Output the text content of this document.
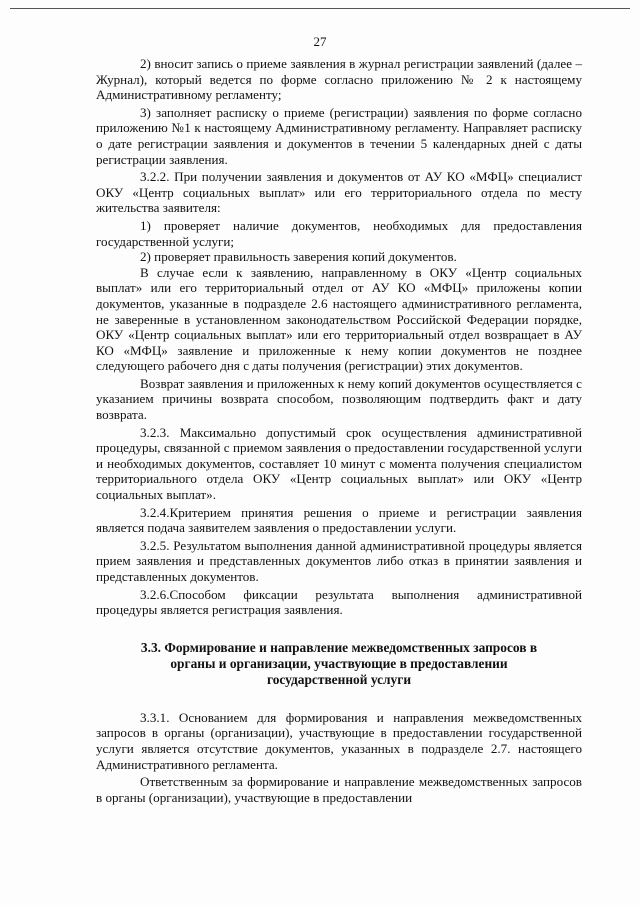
27

2) вносит запись о приеме заявления в журнал регистрации заявлений (далее – Журнал), который ведется по форме согласно приложению № 2 к настоящему Административному регламенту;

3) заполняет расписку о приеме (регистрации) заявления по форме согласно приложению №1 к настоящему Административному регламенту. Направляет расписку о дате регистрации заявления и документов в течении 5 календарных дней с даты регистрации заявления.

3.2.2. При получении заявления и документов от АУ КО «МФЦ» специалист ОКУ «Центр социальных выплат» или его территориального отдела по месту жительства заявителя:

1) проверяет наличие документов, необходимых для предоставления государственной услуги;

2) проверяет правильность заверения копий документов.

В случае если к заявлению, направленному в ОКУ «Центр социальных выплат» или его территориальный отдел от АУ КО «МФЦ» приложены копии документов, указанные в подразделе 2.6 настоящего административного регламента, не заверенные в установленном законодательством Российской Федерации порядке, ОКУ «Центр социальных выплат» или его территориальный отдел возвращает в АУ КО «МФЦ» заявление и приложенные к нему копии документов не позднее следующего рабочего дня с даты получения (регистрации) этих документов.

Возврат заявления и приложенных к нему копий документов осуществляется с указанием причины возврата способом, позволяющим подтвердить факт и дату возврата.

3.2.3. Максимально допустимый срок осуществления административной процедуры, связанной с приемом заявления о предоставлении государственной услуги и необходимых документов, составляет 10 минут с момента получения специалистом территориального отдела ОКУ «Центр социальных выплат» или ОКУ «Центр социальных выплат».

3.2.4.Критерием принятия решения о приеме и регистрации заявления является подача заявителем заявления о предоставлении услуги.

3.2.5. Результатом выполнения данной административной процедуры является прием заявления и представленных документов либо отказ в принятии заявления и представленных документов.

3.2.6.Способом фиксации результата выполнения административной процедуры является регистрация заявления.

3.3. Формирование и направление межведомственных запросов в
органы и организации, участвующие в предоставлении
государственной услуги

3.3.1. Основанием для формирования и направления межведомственных запросов в органы (организации), участвующие в предоставлении государственной услуги является отсутствие документов, указанных в подразделе 2.7. настоящего Административного регламента.

Ответственным за формирование и направление межведомственных запросов в органы (организации), участвующие в предоставлении
